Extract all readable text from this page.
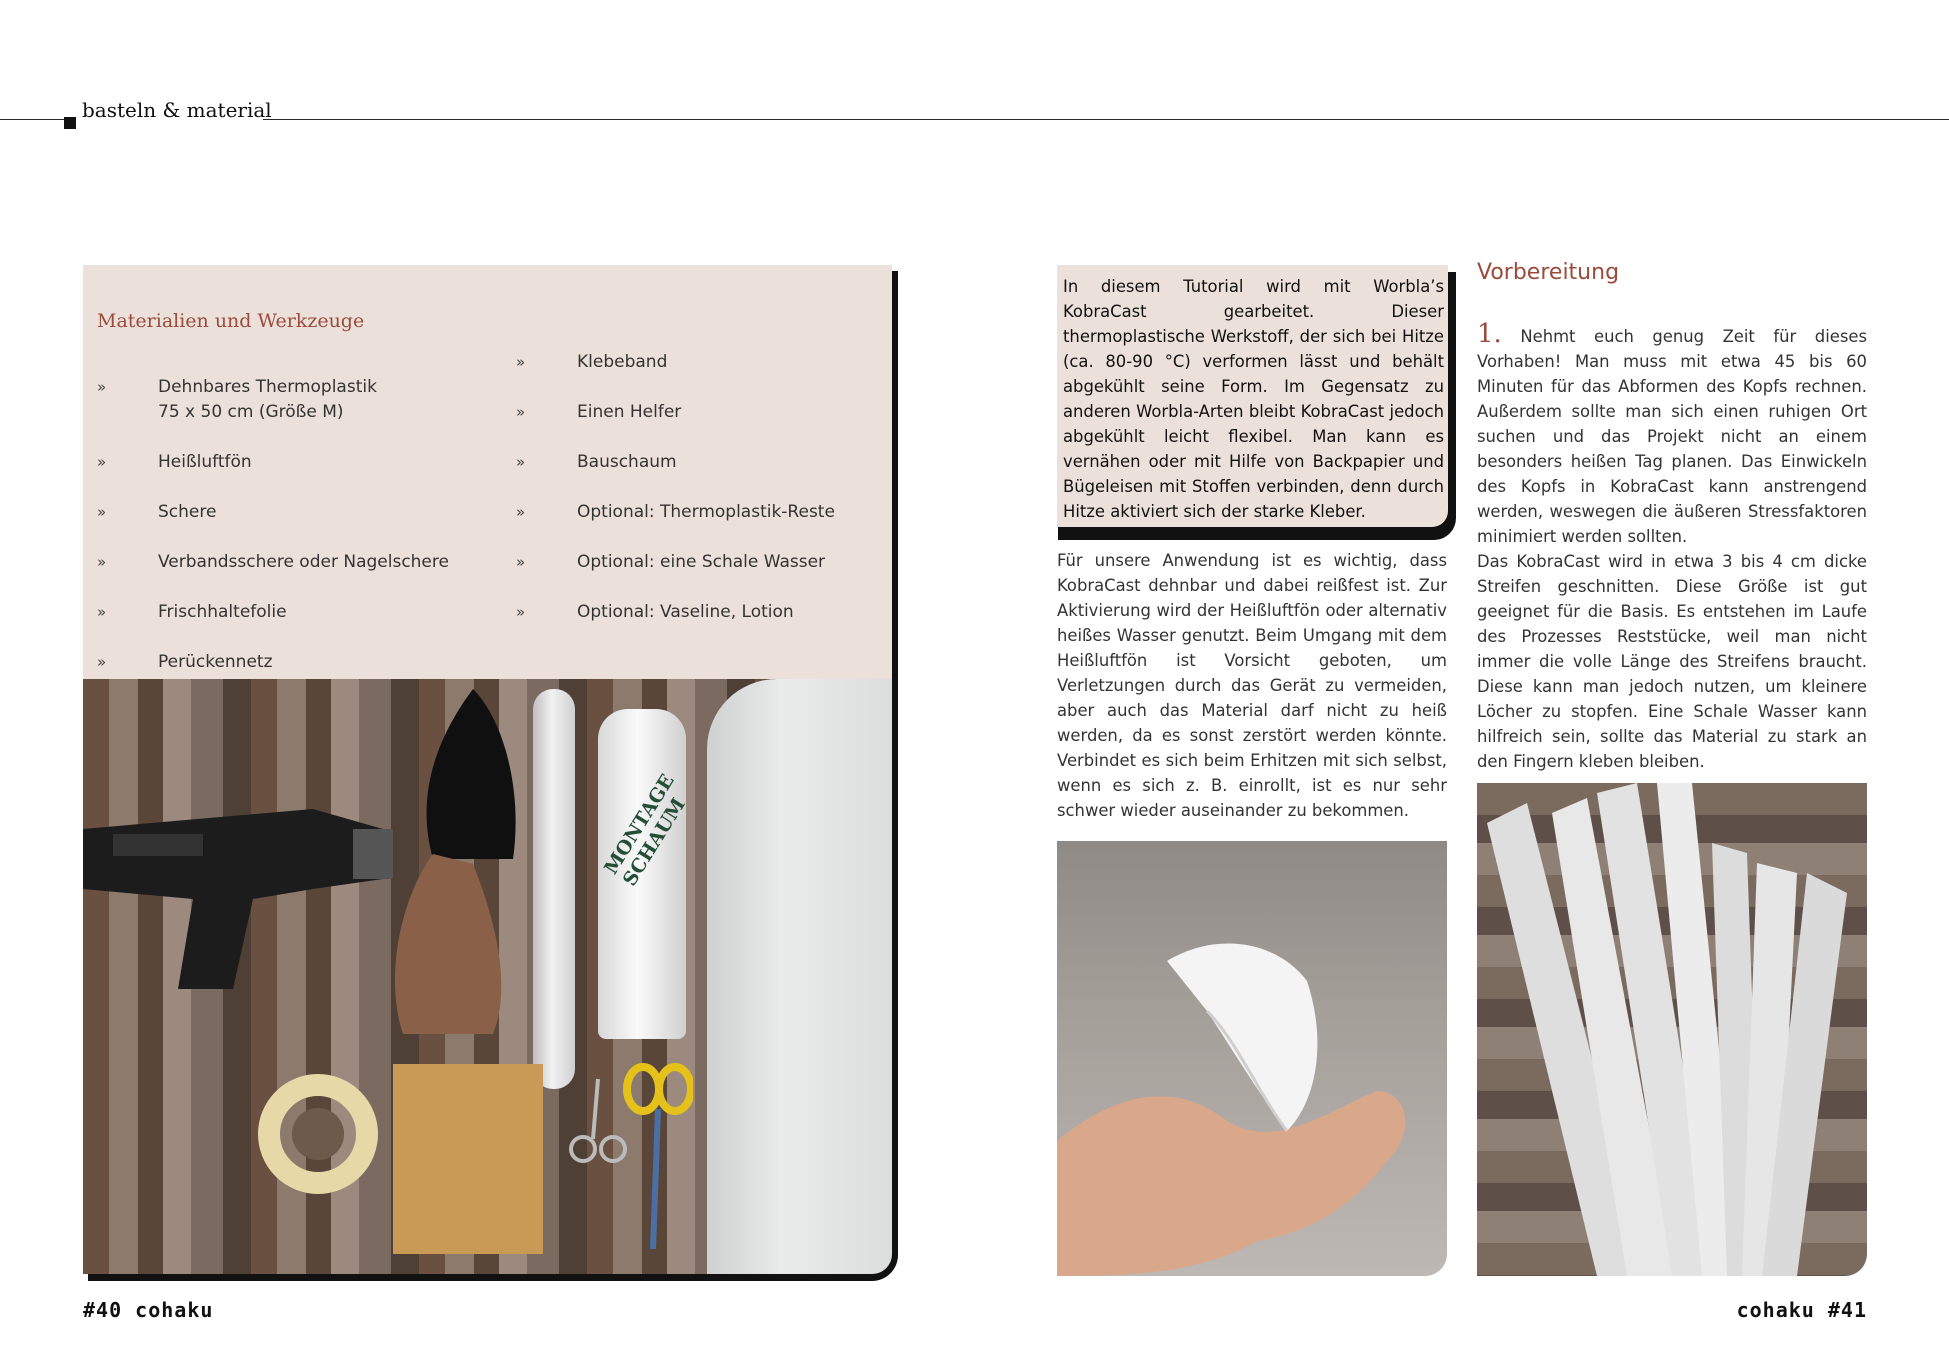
basteln & material
Materialien und Werkzeuge
»	Dehnbares Thermoplastik
75 x 50 cm (Größe M)
»	Heißluftfön
»	Schere
»	Verbandsschere oder Nagelschere
»	Frischhaltefolie
»	Perückennetz
»	Klebeband
»	Einen Helfer
»	Bauschaum
»	Optional: Thermoplastik-Reste
»	Optional: eine Schale Wasser
»	Optional: Vaseline, Lotion
MONTAGE SCHAUM
In diesem Tutorial wird mit Worbla’s KobraCast gearbeitet. Dieser thermoplastische Werkstoff, der sich bei Hitze (ca. 80-90 °C) verformen lässt und behält abgekühlt seine Form. Im Gegensatz zu anderen Worbla-Arten bleibt KobraCast jedoch abgekühlt leicht flexibel. Man kann es vernähen oder mit Hilfe von Backpapier und Bügeleisen mit Stoffen verbinden, denn durch Hitze aktiviert sich der starke Kleber.
Für unsere Anwendung ist es wichtig, dass KobraCast dehnbar und dabei reißfest ist. Zur Aktivierung wird der Heißluftfön oder alternativ heißes Wasser genutzt. Beim Umgang mit dem Heißluftfön ist Vorsicht geboten, um Verletzungen durch das Gerät zu vermeiden, aber auch das Material darf nicht zu heiß werden, da es sonst zerstört werden könnte. Verbindet es sich beim Erhitzen mit sich selbst, wenn es sich z. B. einrollt, ist es nur sehr schwer wieder auseinander zu bekommen.
Vorbereitung
1. Nehmt euch genug Zeit für dieses Vorhaben! Man muss mit etwa 45 bis 60 Minuten für das Abformen des Kopfs rechnen. Außerdem sollte man sich einen ruhigen Ort suchen und das Projekt nicht an einem besonders heißen Tag planen. Das Einwickeln des Kopfs in KobraCast kann anstrengend werden, weswegen die äußeren Stressfaktoren minimiert werden sollten.
Das KobraCast wird in etwa 3 bis 4 cm dicke Streifen geschnitten. Diese Größe ist gut geeignet für die Basis. Es entstehen im Laufe des Prozesses Reststücke, weil man nicht immer die volle Länge des Streifens braucht. Diese kann man jedoch nutzen, um kleinere Löcher zu stopfen. Eine Schale Wasser kann hilfreich sein, sollte das Material zu stark an den Fingern kleben bleiben.
#40 cohaku	cohaku #41
